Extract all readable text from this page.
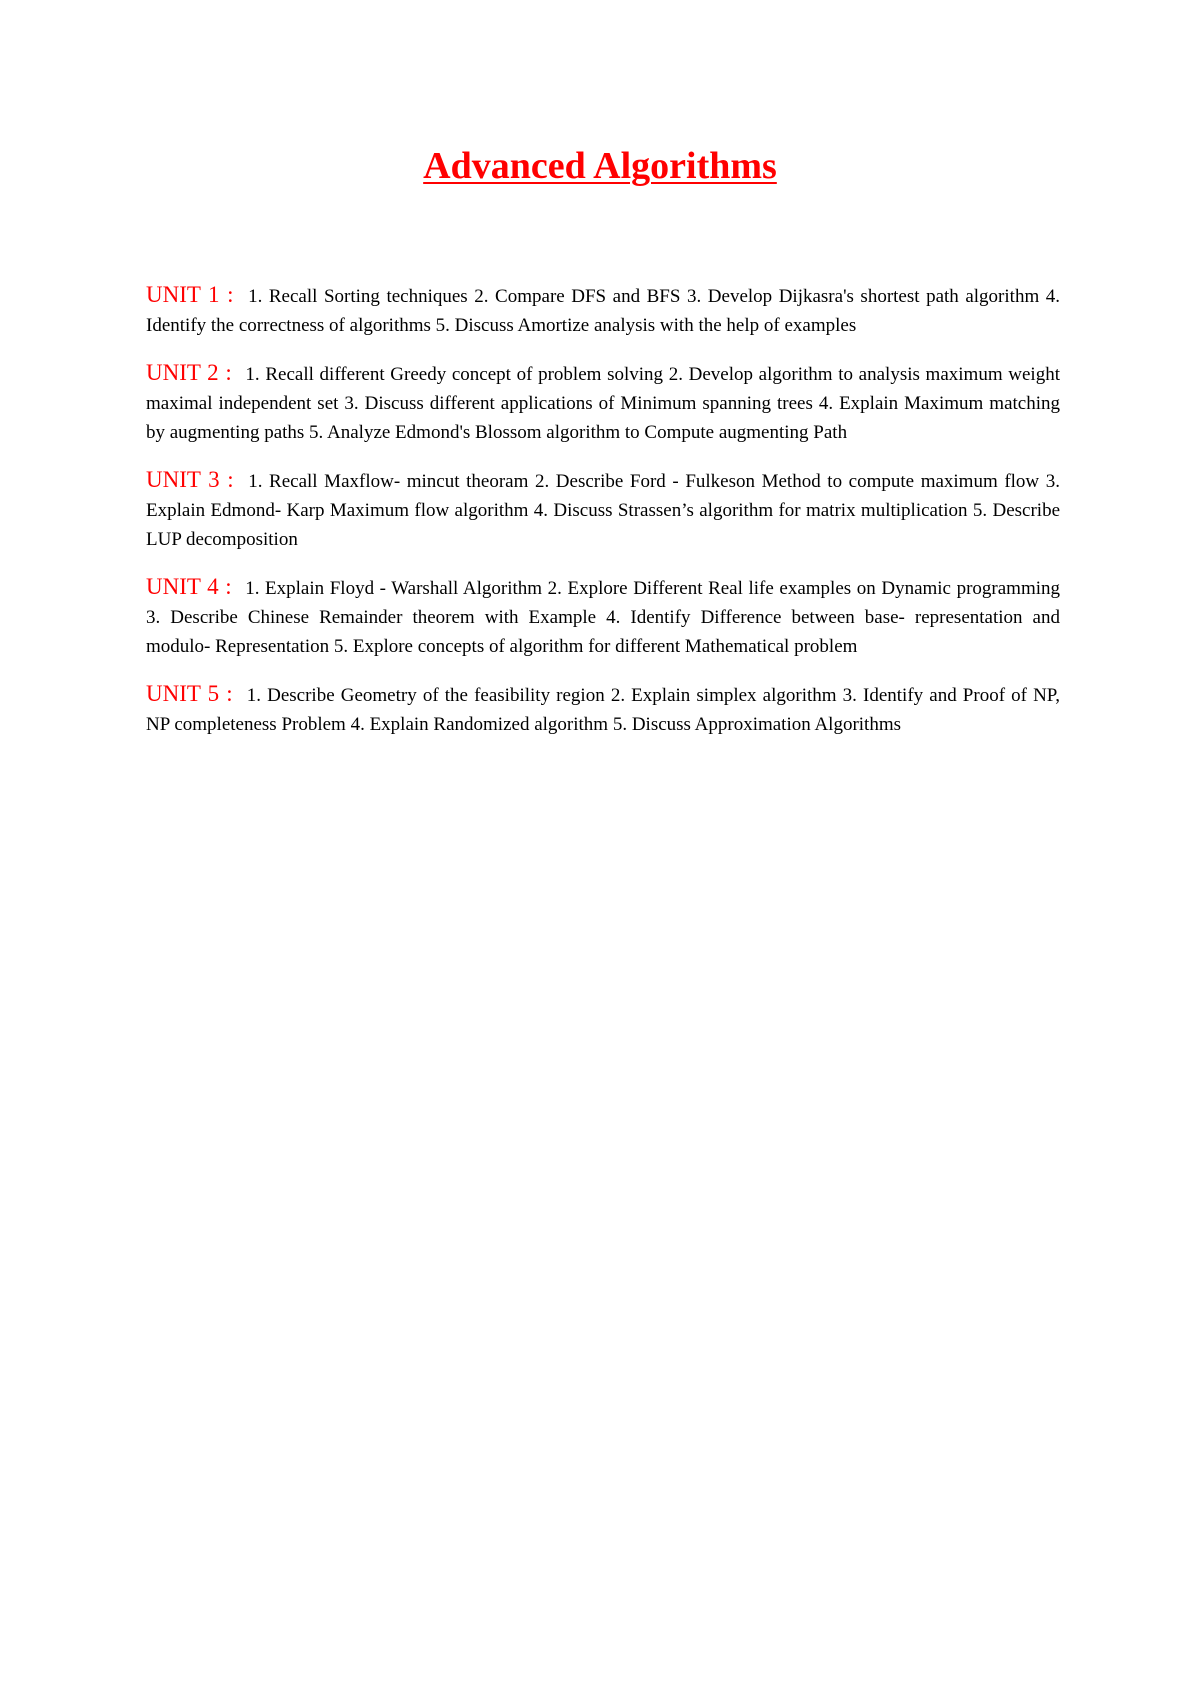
Advanced Algorithms

UNIT 1 : 1. Recall Sorting techniques 2. Compare DFS and BFS 3. Develop Dijkasra's shortest path algorithm 4. Identify the correctness of algorithms 5. Discuss Amortize analysis with the help of examples

UNIT 2 : 1. Recall different Greedy concept of problem solving 2. Develop algorithm to analysis maximum weight maximal independent set 3. Discuss different applications of Minimum spanning trees 4. Explain Maximum matching by augmenting paths 5. Analyze Edmond's Blossom algorithm to Compute augmenting Path

UNIT 3 : 1. Recall Maxflow- mincut theoram 2. Describe Ford - Fulkeson Method to compute maximum flow 3. Explain Edmond- Karp Maximum flow algorithm 4. Discuss Strassen’s algorithm for matrix multiplication 5. Describe LUP decomposition

UNIT 4 : 1. Explain Floyd - Warshall Algorithm 2. Explore Different Real life examples on Dynamic programming 3. Describe Chinese Remainder theorem with Example 4. Identify Difference between base- representation and modulo- Representation 5. Explore concepts of algorithm for different Mathematical problem

UNIT 5 : 1. Describe Geometry of the feasibility region 2. Explain simplex algorithm 3. Identify and Proof of NP, NP completeness Problem 4. Explain Randomized algorithm 5. Discuss Approximation Algorithms
